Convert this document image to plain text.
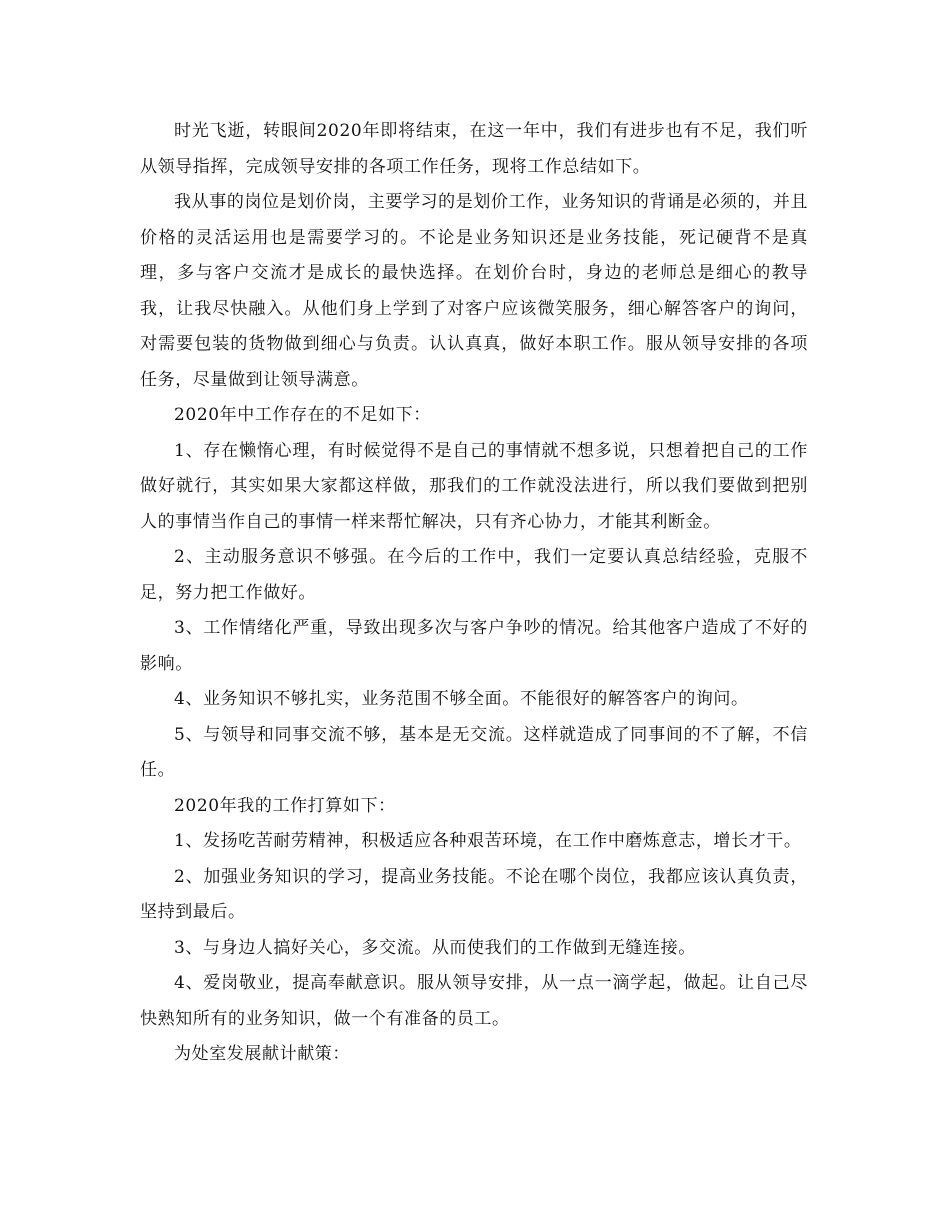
时光飞逝，转眼间2020年即将结束，在这一年中，我们有进步也有不足，我们听从领导指挥，完成领导安排的各项工作任务，现将工作总结如下。

我从事的岗位是划价岗，主要学习的是划价工作，业务知识的背诵是必须的，并且价格的灵活运用也是需要学习的。不论是业务知识还是业务技能，死记硬背不是真理，多与客户交流才是成长的最快选择。在划价台时，身边的老师总是细心的教导我，让我尽快融入。从他们身上学到了对客户应该微笑服务，细心解答客户的询问，对需要包装的货物做到细心与负责。认认真真，做好本职工作。服从领导安排的各项任务，尽量做到让领导满意。

2020年中工作存在的不足如下：

1、存在懒惰心理，有时候觉得不是自己的事情就不想多说，只想着把自己的工作做好就行，其实如果大家都这样做，那我们的工作就没法进行，所以我们要做到把别人的事情当作自己的事情一样来帮忙解决，只有齐心协力，才能其利断金。

2、主动服务意识不够强。在今后的工作中，我们一定要认真总结经验，克服不足，努力把工作做好。

3、工作情绪化严重，导致出现多次与客户争吵的情况。给其他客户造成了不好的影响。

4、业务知识不够扎实，业务范围不够全面。不能很好的解答客户的询问。

5、与领导和同事交流不够，基本是无交流。这样就造成了同事间的不了解，不信任。

2020年我的工作打算如下：

1、发扬吃苦耐劳精神，积极适应各种艰苦环境，在工作中磨炼意志，增长才干。

2、加强业务知识的学习，提高业务技能。不论在哪个岗位，我都应该认真负责，坚持到最后。

3、与身边人搞好关心，多交流。从而使我们的工作做到无缝连接。

4、爱岗敬业，提高奉献意识。服从领导安排，从一点一滴学起，做起。让自己尽快熟知所有的业务知识，做一个有准备的员工。

为处室发展献计献策：
